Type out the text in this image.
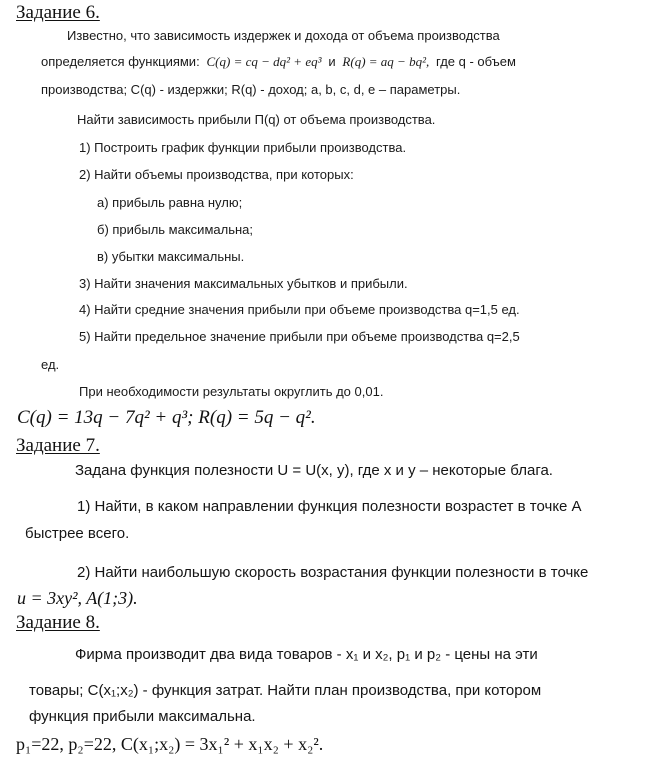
Задание 6.
Известно, что зависимость издержек и дохода от объема производства
определяется функциями: C(q) = cq − dq² + eq³ и R(q) = aq − bq², где q - объем
производства; C(q) - издержки; R(q) - доход; a, b, c, d, e – параметры.
Найти зависимость прибыли П(q) от объема производства.
1) Построить график функции прибыли производства.
2) Найти объемы производства, при которых:
а) прибыль равна нулю;
б) прибыль максимальна;
в) убытки максимальны.
3) Найти значения максимальных убытков и прибыли.
4) Найти средние значения прибыли при объеме производства q=1,5 ед.
5) Найти предельное значение прибыли при объеме производства q=2,5
ед.
При необходимости результаты округлить до 0,01.
C(q) = 13q − 7q² + q³; R(q) = 5q − q².
Задание 7.
Задана функция полезности U = U(x, y), где x и y – некоторые блага.
1) Найти, в каком направлении функция полезности возрастет в точке А
быстрее всего.
2) Найти наибольшую скорость возрастания функции полезности в точке
u = 3xy², A(1;3).
Задание 8.
Фирма производит два вида товаров - x₁ и x₂, p₁ и p₂ - цены на эти
товары; C(x₁;x₂) - функция затрат. Найти план производства, при котором
функция прибыли максимальна.
p₁=22, p₂=22, C(x₁;x₂) = 3x₁² + x₁x₂ + x₂².
